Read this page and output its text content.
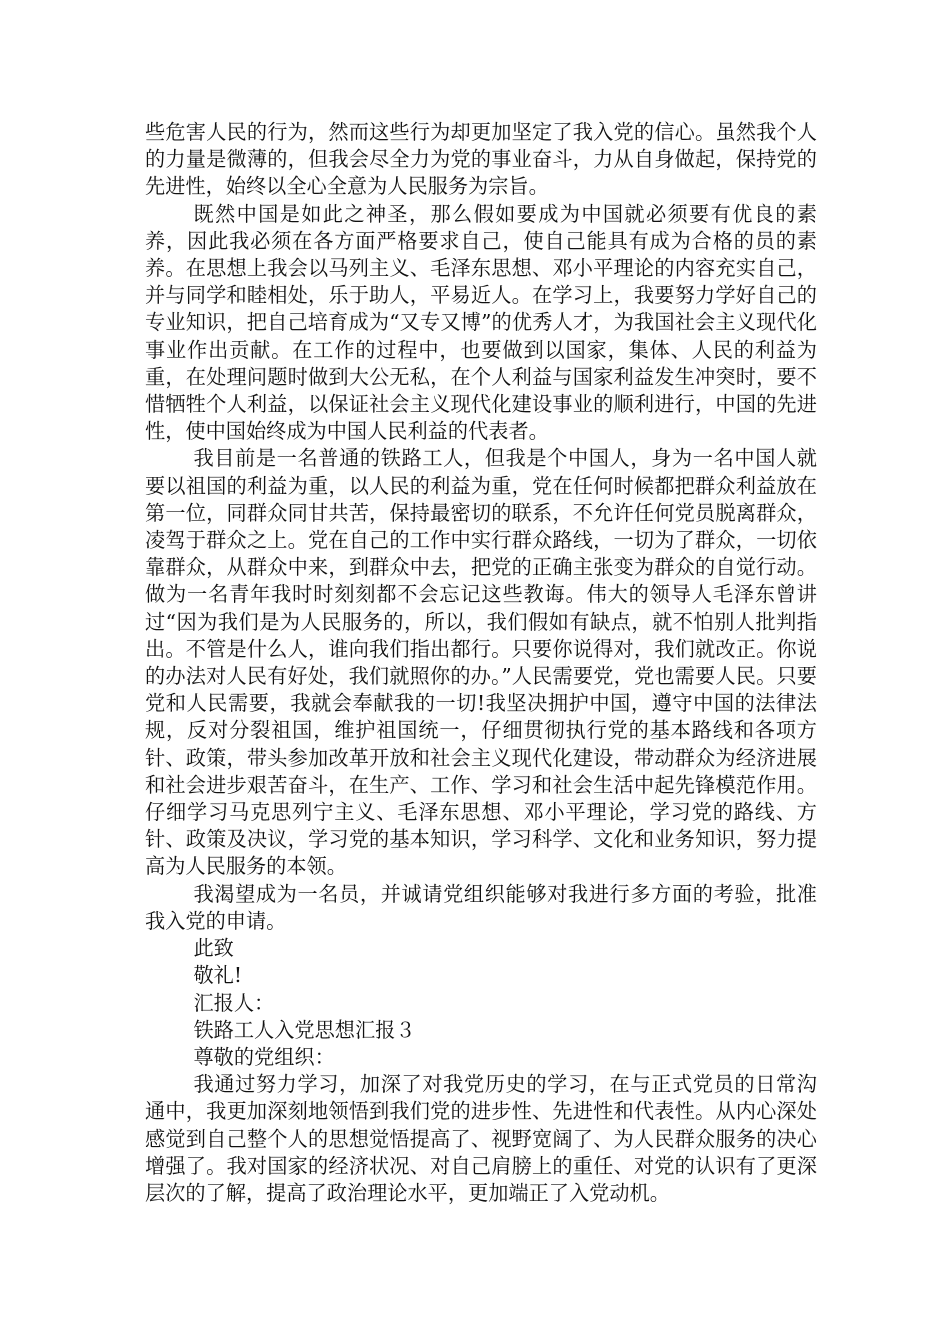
些危害人民的行为，然而这些行为却更加坚定了我入党的信心。虽然我个人的力量是微薄的，但我会尽全力为党的事业奋斗，力从自身做起，保持党的先进性，始终以全心全意为人民服务为宗旨。

既然中国是如此之神圣，那么假如要成为中国就必须要有优良的素养，因此我必须在各方面严格要求自己，使自己能具有成为合格的员的素养。在思想上我会以马列主义、毛泽东思想、邓小平理论的内容充实自己，并与同学和睦相处，乐于助人，平易近人。在学习上，我要努力学好自己的专业知识，把自己培育成为“又专又博”的优秀人才，为我国社会主义现代化事业作出贡献。在工作的过程中，也要做到以国家，集体、人民的利益为重，在处理问题时做到大公无私，在个人利益与国家利益发生冲突时，要不惜牺牲个人利益，以保证社会主义现代化建设事业的顺利进行，中国的先进性，使中国始终成为中国人民利益的代表者。

我目前是一名普通的铁路工人，但我是个中国人，身为一名中国人就要以祖国的利益为重，以人民的利益为重，党在任何时候都把群众利益放在第一位，同群众同甘共苦，保持最密切的联系，不允许任何党员脱离群众，凌驾于群众之上。党在自己的工作中实行群众路线，一切为了群众，一切依靠群众，从群众中来，到群众中去，把党的正确主张变为群众的自觉行动。做为一名青年我时时刻刻都不会忘记这些教诲。伟大的领导人毛泽东曾讲过“因为我们是为人民服务的，所以，我们假如有缺点，就不怕别人批判指出。不管是什么人，谁向我们指出都行。只要你说得对，我们就改正。你说的办法对人民有好处，我们就照你的办。”人民需要党，党也需要人民。只要党和人民需要，我就会奉献我的一切!我坚决拥护中国，遵守中国的法律法规，反对分裂祖国，维护祖国统一，仔细贯彻执行党的基本路线和各项方针、政策，带头参加改革开放和社会主义现代化建设，带动群众为经济进展和社会进步艰苦奋斗，在生产、工作、学习和社会生活中起先锋模范作用。仔细学习马克思列宁主义、毛泽东思想、邓小平理论，学习党的路线、方针、政策及决议，学习党的基本知识，学习科学、文化和业务知识，努力提高为人民服务的本领。

我渴望成为一名员，并诚请党组织能够对我进行多方面的考验，批准我入党的申请。

此致

敬礼!

汇报人：

铁路工人入党思想汇报３

尊敬的党组织：

我通过努力学习，加深了对我党历史的学习，在与正式党员的日常沟通中，我更加深刻地领悟到我们党的进步性、先进性和代表性。从内心深处感觉到自己整个人的思想觉悟提高了、视野宽阔了、为人民群众服务的决心增强了。我对国家的经济状况、对自己肩膀上的重任、对党的认识有了更深层次的了解，提高了政治理论水平，更加端正了入党动机。
